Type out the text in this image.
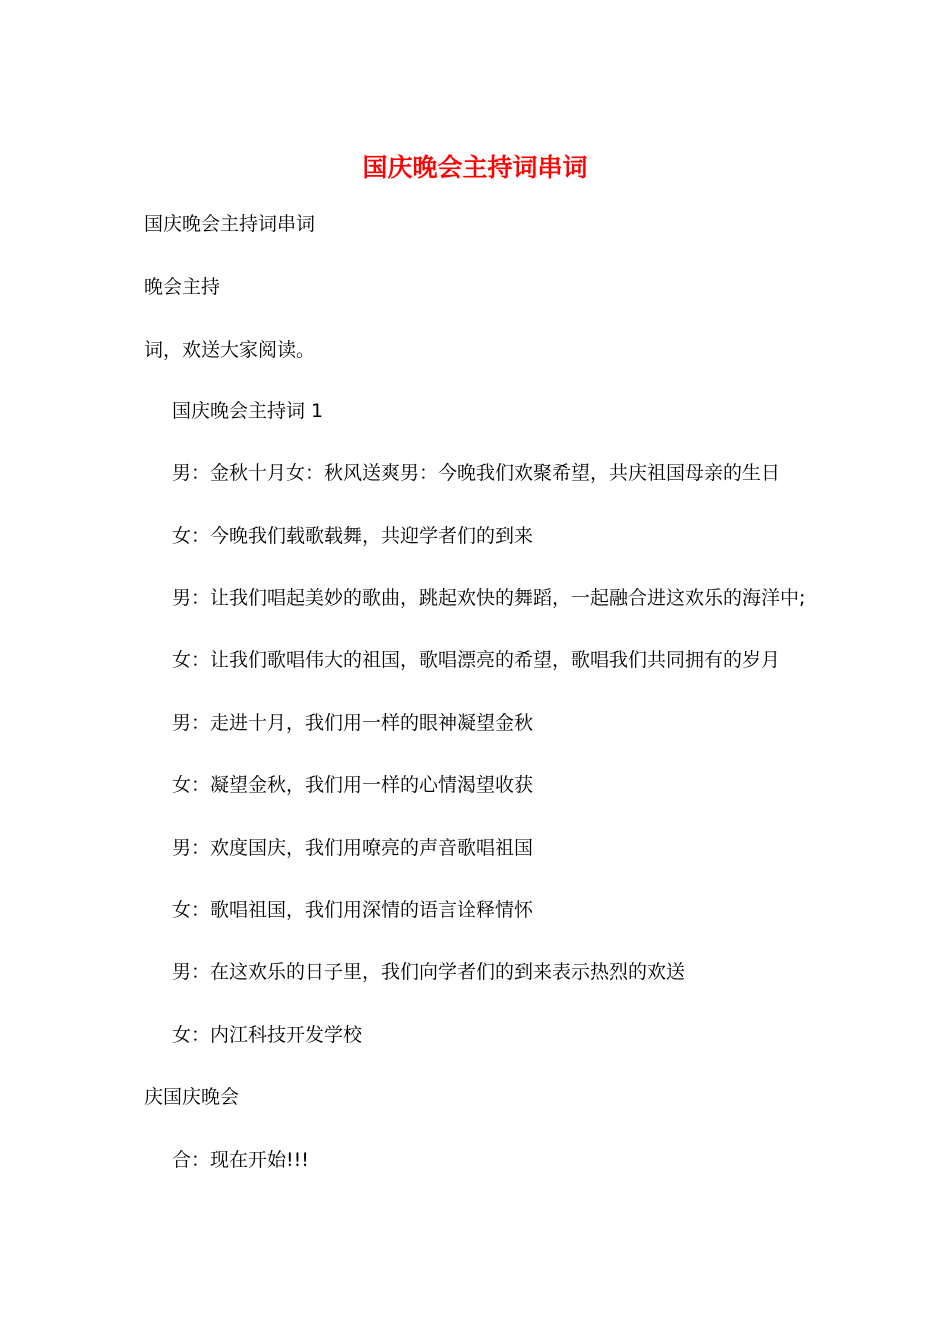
国庆晚会主持词串词
国庆晚会主持词串词
晚会主持
词，欢送大家阅读。
国庆晚会主持词 1
男：金秋十月女：秋风送爽男：今晚我们欢聚希望，共庆祖国母亲的生日
女：今晚我们载歌载舞，共迎学者们的到来
男：让我们唱起美妙的歌曲，跳起欢快的舞蹈，一起融合进这欢乐的海洋中;
女：让我们歌唱伟大的祖国，歌唱漂亮的希望，歌唱我们共同拥有的岁月
男：走进十月，我们用一样的眼神凝望金秋
女：凝望金秋，我们用一样的心情渴望收获
男：欢度国庆，我们用嘹亮的声音歌唱祖国
女：歌唱祖国，我们用深情的语言诠释情怀
男：在这欢乐的日子里，我们向学者们的到来表示热烈的欢送
女：内江科技开发学校
庆国庆晚会
合：现在开始!!!
